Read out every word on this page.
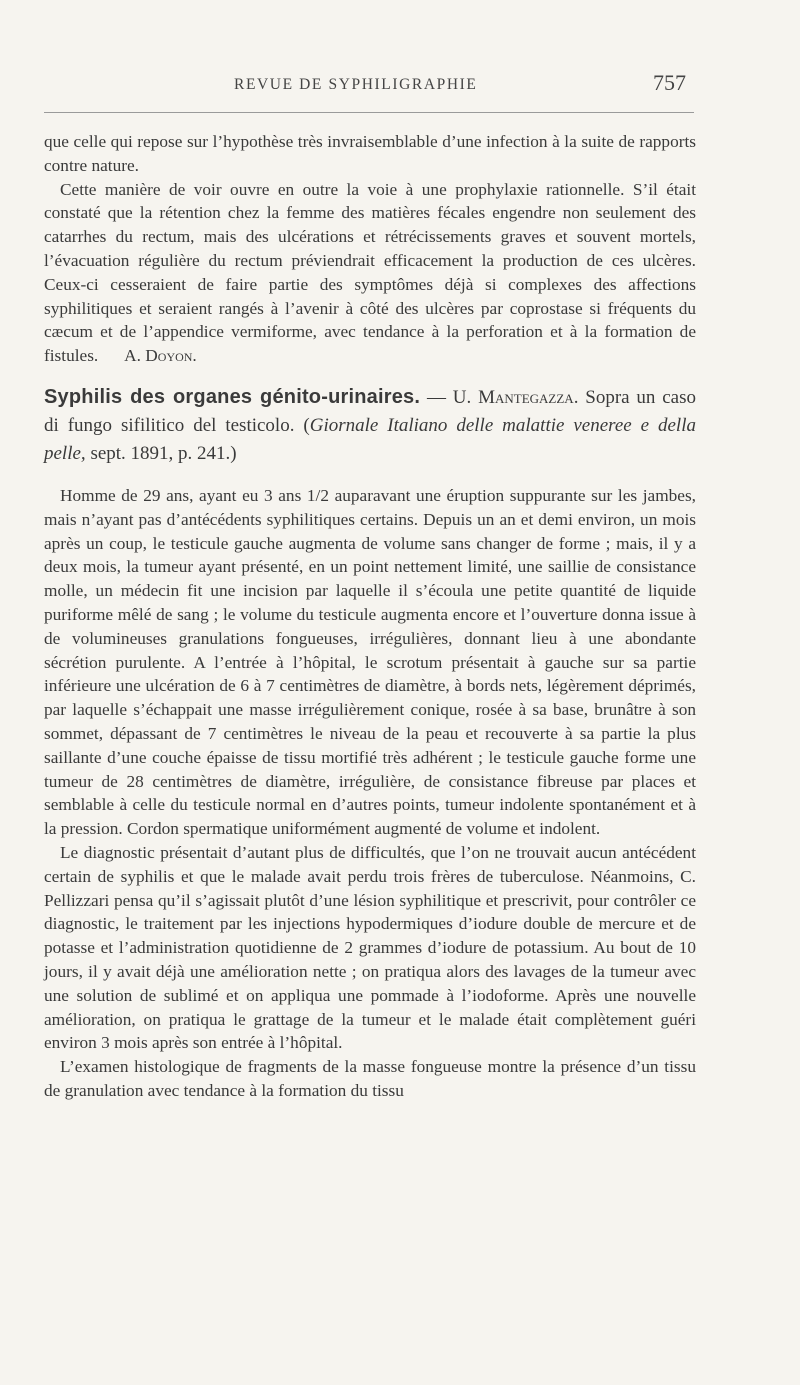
REVUE DE SYPHILIGRAPHIE	757

que celle qui repose sur l’hypothèse très invraisemblable d’une infection à la suite de rapports contre nature.

Cette manière de voir ouvre en outre la voie à une prophylaxie rationnelle. S’il était constaté que la rétention chez la femme des matières fécales engendre non seulement des catarrhes du rectum, mais des ulcérations et rétrécissements graves et souvent mortels, l’évacuation régulière du rectum préviendrait efficacement la production de ces ulcères. Ceux-ci cesseraient de faire partie des symptômes déjà si complexes des affections syphilitiques et seraient rangés à l’avenir à côté des ulcères par coprostase si fréquents du cæcum et de l’appendice vermiforme, avec tendance à la perforation et à la formation de fistules. A. Doyon.

Syphilis des organes génito-urinaires. — U. Mantegazza. Sopra un caso di fungo sifilitico del testicolo. (Giornale Italiano delle malattie veneree e della pelle, sept. 1891, p. 241.)

Homme de 29 ans, ayant eu 3 ans 1/2 auparavant une éruption suppurante sur les jambes, mais n’ayant pas d’antécédents syphilitiques certains. Depuis un an et demi environ, un mois après un coup, le testicule gauche augmenta de volume sans changer de forme ; mais, il y a deux mois, la tumeur ayant présenté, en un point nettement limité, une saillie de consistance molle, un médecin fit une incision par laquelle il s’écoula une petite quantité de liquide puriforme mêlé de sang ; le volume du testicule augmenta encore et l’ouverture donna issue à de volumineuses granulations fongueuses, irrégulières, donnant lieu à une abondante sécrétion purulente. A l’entrée à l’hôpital, le scrotum présentait à gauche sur sa partie inférieure une ulcération de 6 à 7 centimètres de diamètre, à bords nets, légèrement déprimés, par laquelle s’échappait une masse irrégulièrement conique, rosée à sa base, brunâtre à son sommet, dépassant de 7 centimètres le niveau de la peau et recouverte à sa partie la plus saillante d’une couche épaisse de tissu mortifié très adhérent ; le testicule gauche forme une tumeur de 28 centimètres de diamètre, irrégulière, de consistance fibreuse par places et semblable à celle du testicule normal en d’autres points, tumeur indolente spontanément et à la pression. Cordon spermatique uniformément augmenté de volume et indolent.

Le diagnostic présentait d’autant plus de difficultés, que l’on ne trouvait aucun antécédent certain de syphilis et que le malade avait perdu trois frères de tuberculose. Néanmoins, C. Pellizzari pensa qu’il s’agissait plutôt d’une lésion syphilitique et prescrivit, pour contrôler ce diagnostic, le traitement par les injections hypodermiques d’iodure double de mercure et de potasse et l’administration quotidienne de 2 grammes d’iodure de potassium. Au bout de 10 jours, il y avait déjà une amélioration nette ; on pratiqua alors des lavages de la tumeur avec une solution de sublimé et on appliqua une pommade à l’iodoforme. Après une nouvelle amélioration, on pratiqua le grattage de la tumeur et le malade était complètement guéri environ 3 mois après son entrée à l’hôpital.

L’examen histologique de fragments de la masse fongueuse montre la présence d’un tissu de granulation avec tendance à la formation du tissu
